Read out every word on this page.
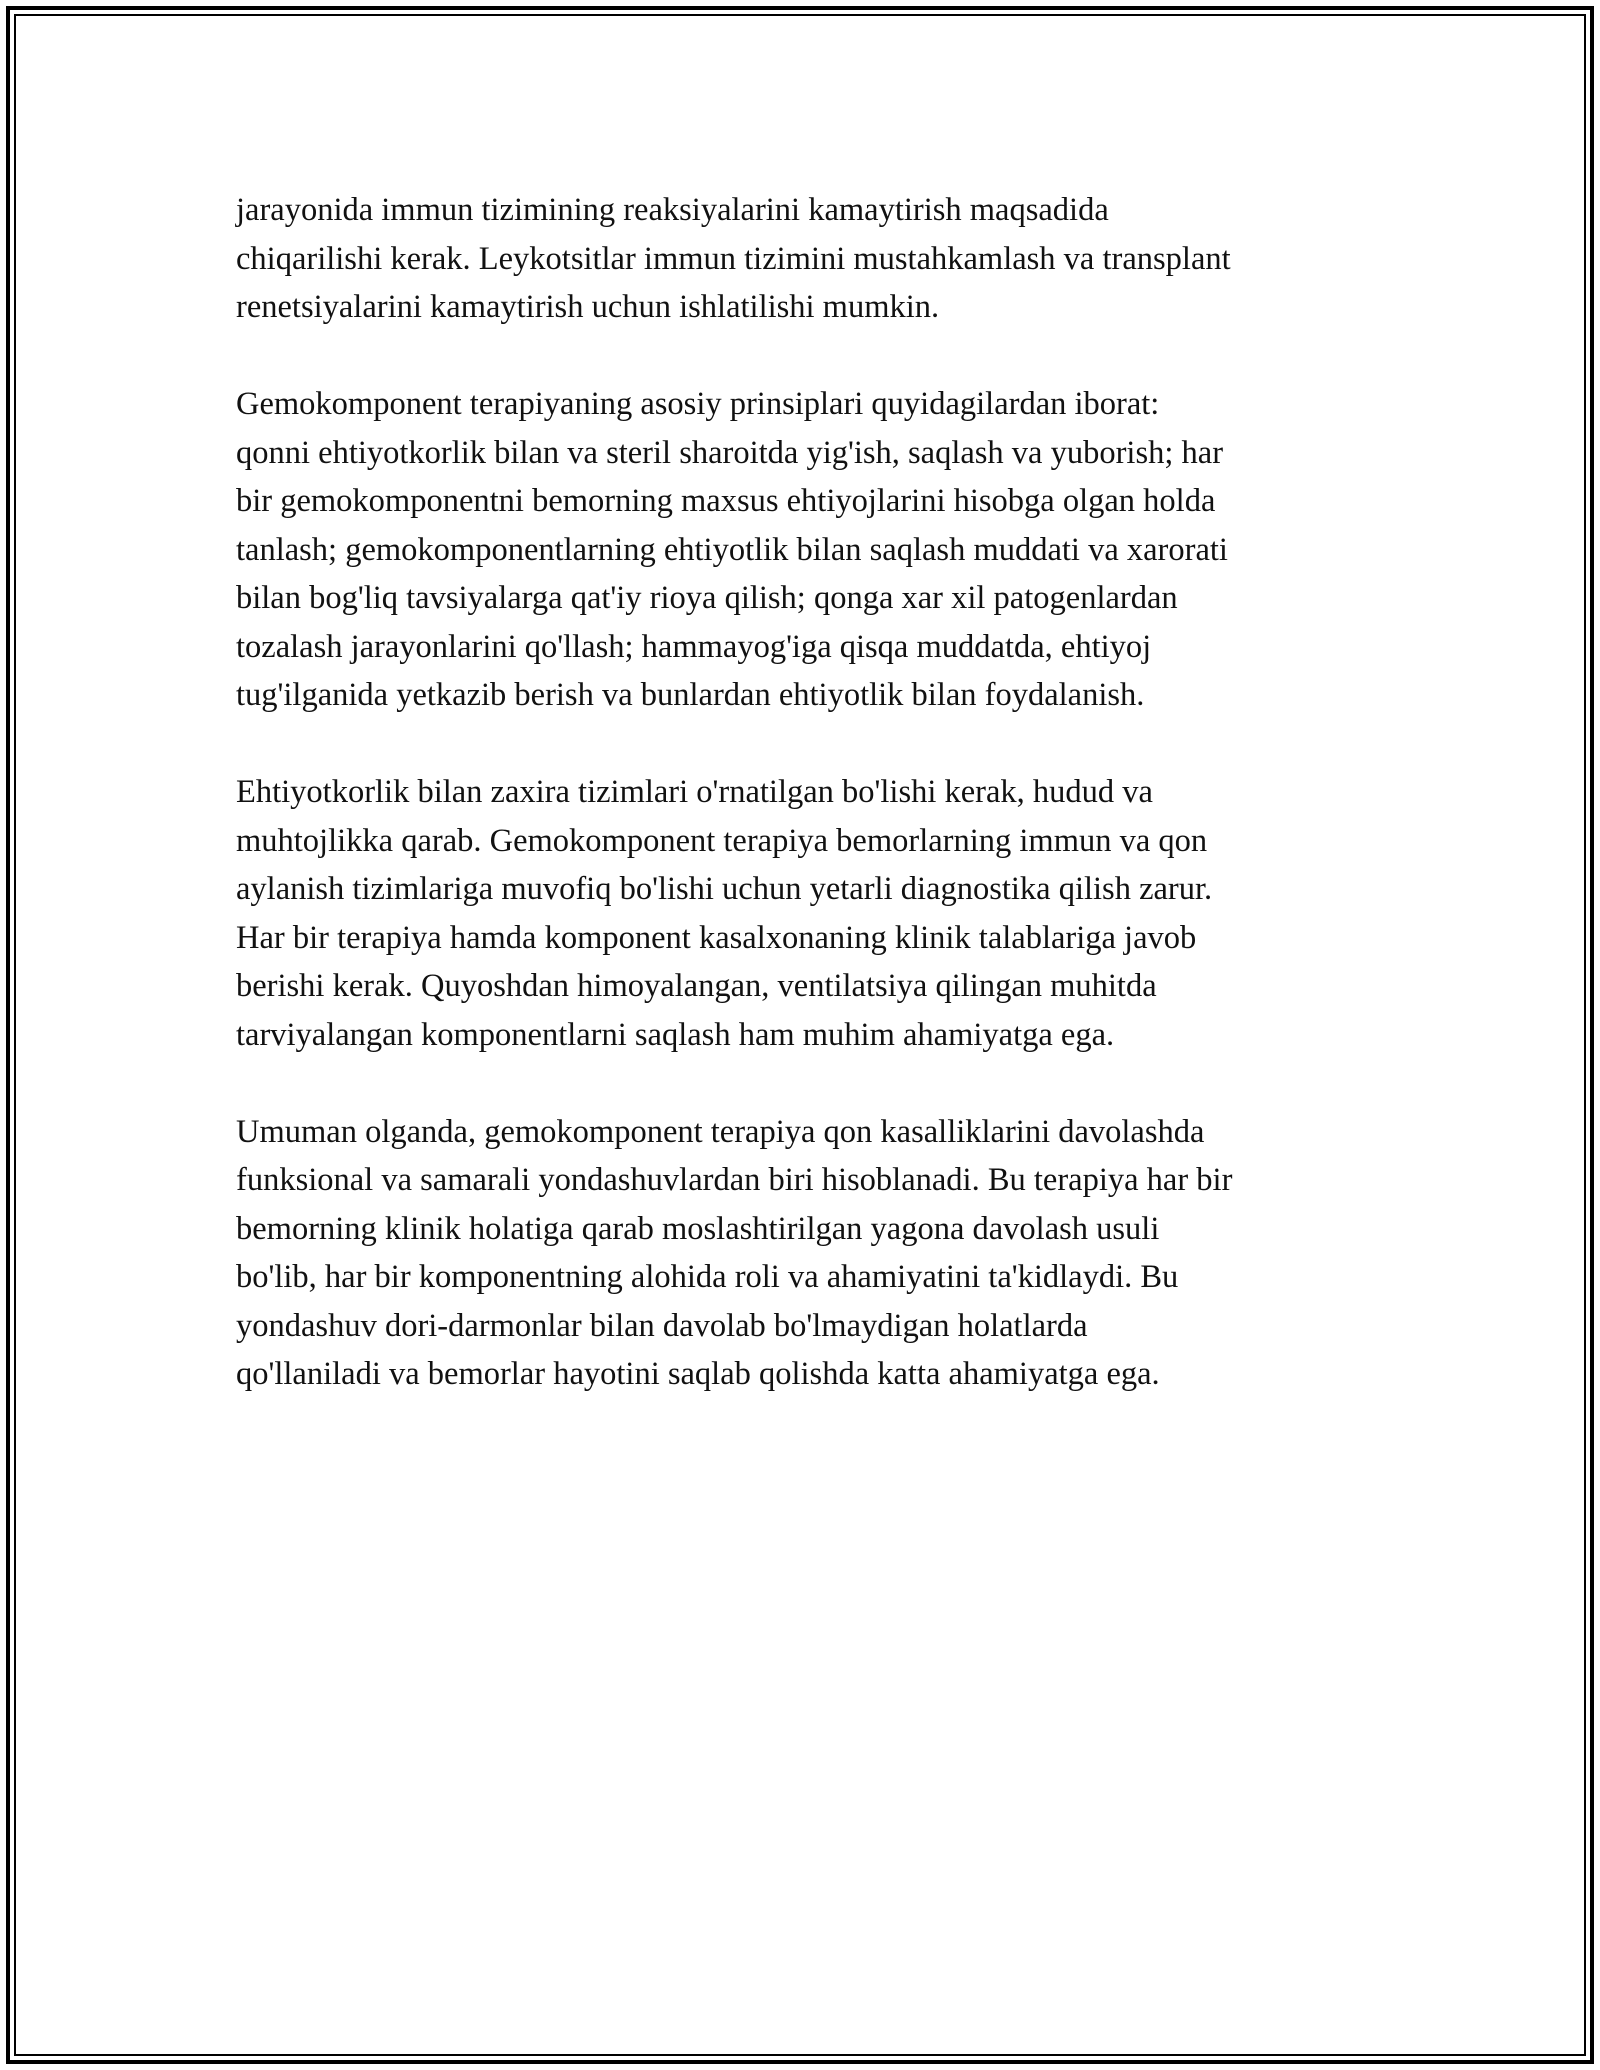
jarayonida immun tizimining reaksiyalarini kamaytirish maqsadida
chiqarilishi kerak. Leykotsitlar immun tizimini mustahkamlash va transplant
renetsiyalarini kamaytirish uchun ishlatilishi mumkin.

Gemokomponent terapiyaning asosiy prinsiplari quyidagilardan iborat:
qonni ehtiyotkorlik bilan va steril sharoitda yig'ish, saqlash va yuborish; har
bir gemokomponentni bemorning maxsus ehtiyojlarini hisobga olgan holda
tanlash; gemokomponentlarning ehtiyotlik bilan saqlash muddati va xarorati
bilan bog'liq tavsiyalarga qat'iy rioya qilish; qonga xar xil patogenlardan
tozalash jarayonlarini qo'llash; hammayog'iga qisqa muddatda, ehtiyoj
tug'ilganida yetkazib berish va bunlardan ehtiyotlik bilan foydalanish.

Ehtiyotkorlik bilan zaxira tizimlari o'rnatilgan bo'lishi kerak, hudud va
muhtojlikka qarab. Gemokomponent terapiya bemorlarning immun va qon
aylanish tizimlariga muvofiq bo'lishi uchun yetarli diagnostika qilish zarur.
Har bir terapiya hamda komponent kasalxonaning klinik talablariga javob
berishi kerak. Quyoshdan himoyalangan, ventilatsiya qilingan muhitda
tarviyalangan komponentlarni saqlash ham muhim ahamiyatga ega.

Umuman olganda, gemokomponent terapiya qon kasalliklarini davolashda
funksional va samarali yondashuvlardan biri hisoblanadi. Bu terapiya har bir
bemorning klinik holatiga qarab moslashtirilgan yagona davolash usuli
bo'lib, har bir komponentning alohida roli va ahamiyatini ta'kidlaydi. Bu
yondashuv dori-darmonlar bilan davolab bo'lmaydigan holatlarda
qo'llaniladi va bemorlar hayotini saqlab qolishda katta ahamiyatga ega.
